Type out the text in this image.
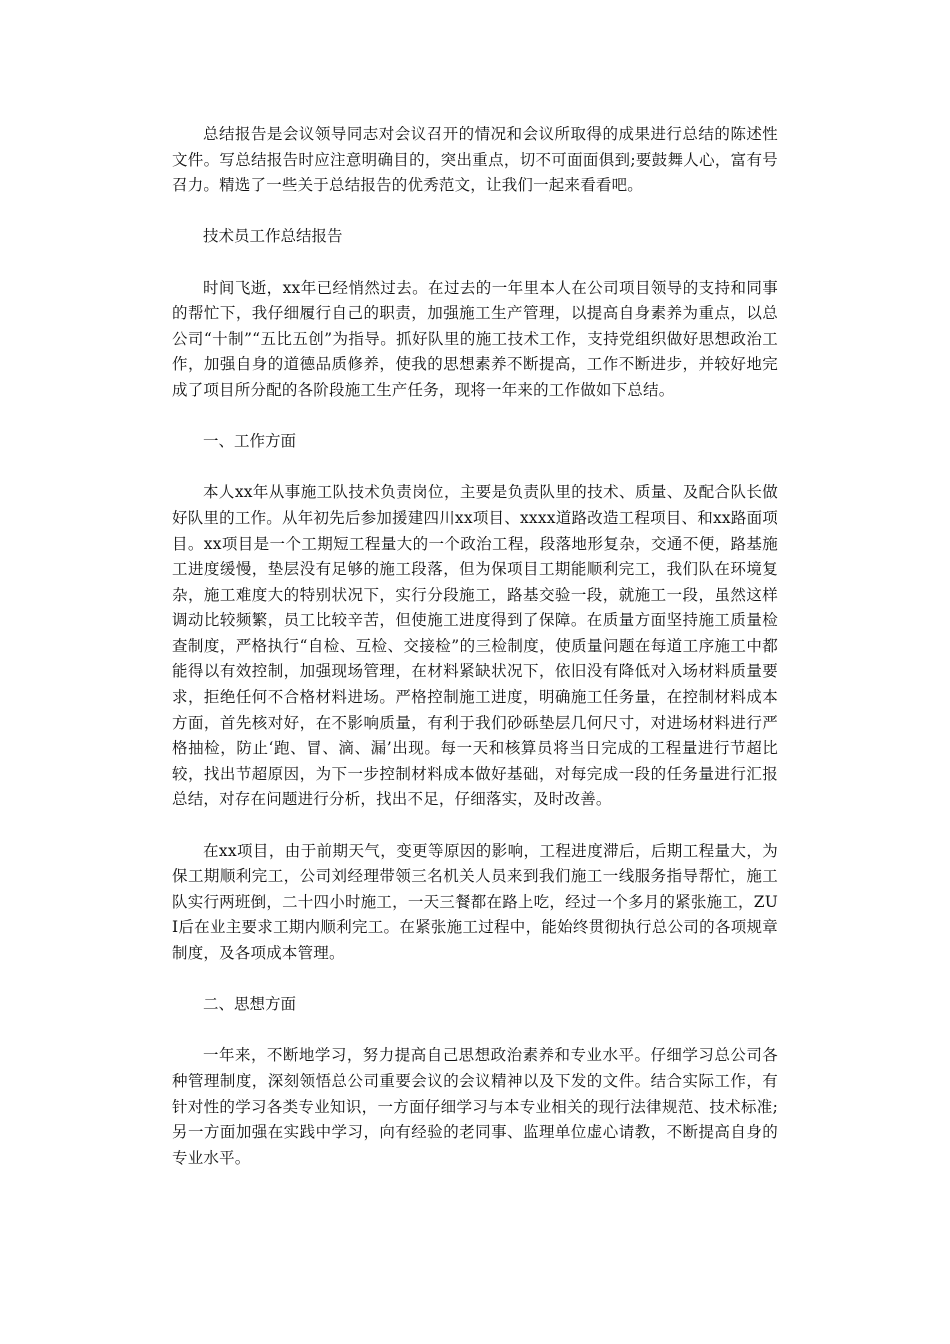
总结报告是会议领导同志对会议召开的情况和会议所取得的成果进行总结的陈述性文件。写总结报告时应注意明确目的，突出重点，切不可面面俱到;要鼓舞人心，富有号召力。精选了一些关于总结报告的优秀范文，让我们一起来看看吧。

技术员工作总结报告

时间飞逝，xx年已经悄然过去。在过去的一年里本人在公司项目领导的支持和同事的帮忙下，我仔细履行自己的职责，加强施工生产管理，以提高自身素养为重点，以总公司“十制”“五比五创”为指导。抓好队里的施工技术工作，支持党组织做好思想政治工作，加强自身的道德品质修养，使我的思想素养不断提高，工作不断进步，并较好地完成了项目所分配的各阶段施工生产任务，现将一年来的工作做如下总结。

一、工作方面

本人xx年从事施工队技术负责岗位，主要是负责队里的技术、质量、及配合队长做好队里的工作。从年初先后参加援建四川xx项目、xxxx道路改造工程项目、和xx路面项目。xx项目是一个工期短工程量大的一个政治工程，段落地形复杂，交通不便，路基施工进度缓慢，垫层没有足够的施工段落，但为保项目工期能顺利完工，我们队在环境复杂，施工难度大的特别状况下，实行分段施工，路基交验一段，就施工一段，虽然这样调动比较频繁，员工比较辛苦，但使施工进度得到了保障。在质量方面坚持施工质量检查制度，严格执行“自检、互检、交接检”的三检制度，使质量问题在每道工序施工中都能得以有效控制，加强现场管理，在材料紧缺状况下，依旧没有降低对入场材料质量要求，拒绝任何不合格材料进场。严格控制施工进度，明确施工任务量，在控制材料成本方面，首先核对好，在不影响质量，有利于我们砂砾垫层几何尺寸，对进场材料进行严格抽检，防止‘跑、冒、滴、漏’出现。每一天和核算员将当日完成的工程量进行节超比较，找出节超原因，为下一步控制材料成本做好基础，对每完成一段的任务量进行汇报总结，对存在问题进行分析，找出不足，仔细落实，及时改善。

在xx项目，由于前期天气，变更等原因的影响，工程进度滞后，后期工程量大，为保工期顺利完工，公司刘经理带领三名机关人员来到我们施工一线服务指导帮忙，施工队实行两班倒，二十四小时施工，一天三餐都在路上吃，经过一个多月的紧张施工，ZUI后在业主要求工期内顺利完工。在紧张施工过程中，能始终贯彻执行总公司的各项规章制度，及各项成本管理。

二、思想方面

一年来，不断地学习，努力提高自己思想政治素养和专业水平。仔细学习总公司各种管理制度，深刻领悟总公司重要会议的会议精神以及下发的文件。结合实际工作，有针对性的学习各类专业知识，一方面仔细学习与本专业相关的现行法律规范、技术标准;另一方面加强在实践中学习，向有经验的老同事、监理单位虚心请教，不断提高自身的专业水平。
